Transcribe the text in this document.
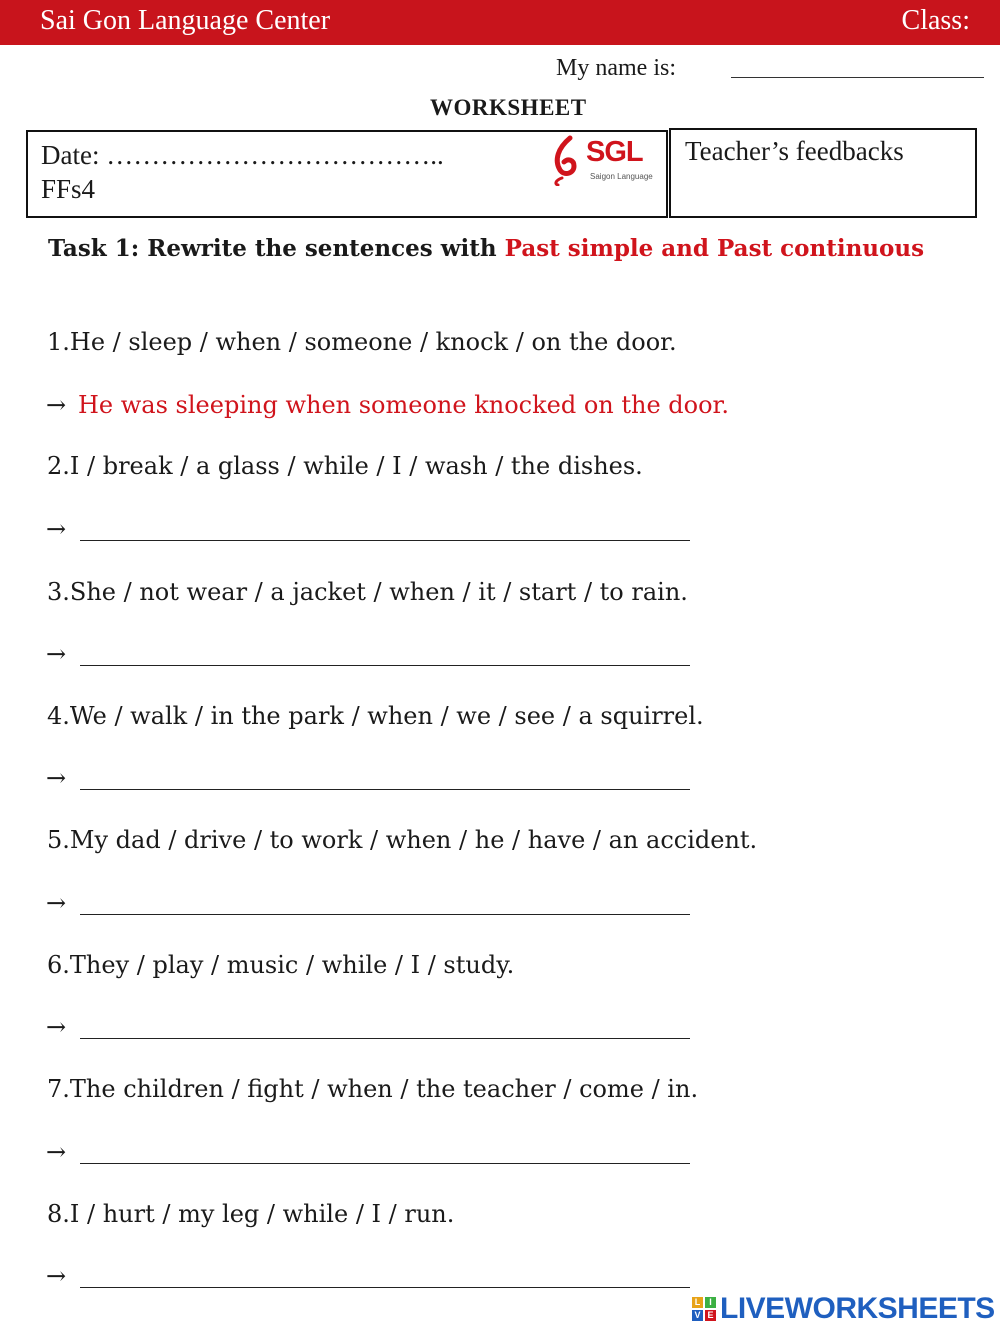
Sai Gon Language Center	Class:
My name is:
WORKSHEET
Date: ………………………………..
FFs4
SGL
Saigon Language
Teacher’s feedbacks
Task 1: Rewrite the sentences with Past simple and Past continuous
1.He / sleep / when / someone / knock / on the door.
→ He was sleeping when someone knocked on the door.
2.I / break / a glass / while / I / wash / the dishes.
→
3.She / not wear / a jacket / when / it / start / to rain.
→
4.We / walk / in the park / when / we / see / a squirrel.
→
5.My dad / drive / to work / when / he / have / an accident.
→
6.They / play / music / while / I / study.
→
7.The children / fight / when / the teacher / come / in.
→
8.I / hurt / my leg / while / I / run.
→
L I
V E LIVEWORKSHEETS
